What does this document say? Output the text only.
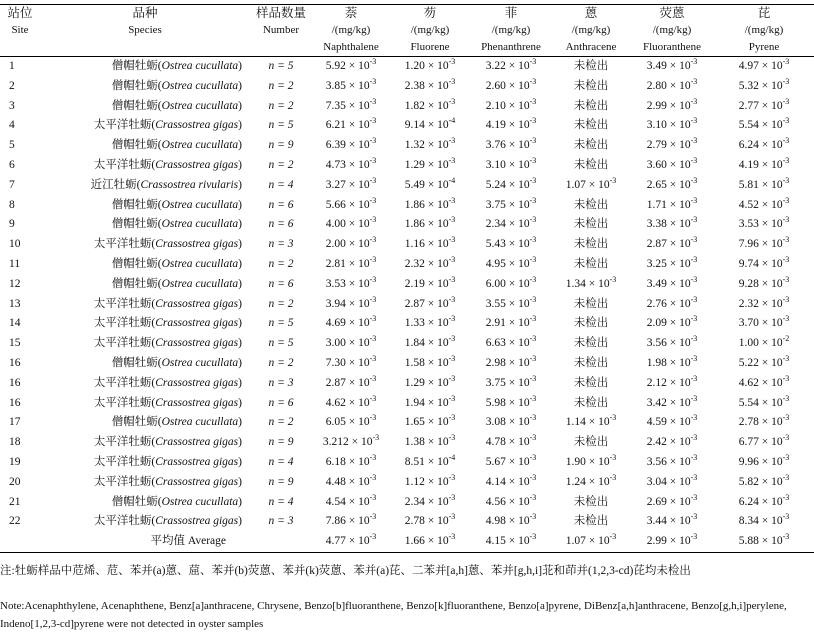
站位	品种	样品数量	萘	芴	菲	蒽	荧蒽	芘
Site	Species	Number	/(mg/kg)	/(mg/kg)	/(mg/kg)	/(mg/kg)	/(mg/kg)	/(mg/kg)
			Naphthalene	Fluorene	Phenanthrene	Anthracene	Fluoranthene	Pyrene
1	僧帽牡蛎(Ostrea cucullata)	n = 5	$5.92 \times 10^{-3}$	$1.20 \times 10^{-3}$	$3.22 \times 10^{-3}$	未检出	$3.49 \times 10^{-3}$	$4.97 \times 10^{-3}$
2	僧帽牡蛎(Ostrea cucullata)	n = 2	$3.85 \times 10^{-3}$	$2.38 \times 10^{-3}$	$2.60 \times 10^{-3}$	未检出	$2.80 \times 10^{-3}$	$5.32 \times 10^{-3}$
3	僧帽牡蛎(Ostrea cucullata)	n = 2	$7.35 \times 10^{-3}$	$1.82 \times 10^{-3}$	$2.10 \times 10^{-3}$	未检出	$2.99 \times 10^{-3}$	$2.77 \times 10^{-3}$
4	太平洋牡蛎(Crassostrea gigas)	n = 5	$6.21 \times 10^{-3}$	$9.14 \times 10^{-4}$	$4.19 \times 10^{-3}$	未检出	$3.10 \times 10^{-3}$	$5.54 \times 10^{-3}$
5	僧帽牡蛎(Ostrea cucullata)	n = 9	$6.39 \times 10^{-3}$	$1.32 \times 10^{-3}$	$3.76 \times 10^{-3}$	未检出	$2.79 \times 10^{-3}$	$6.24 \times 10^{-3}$
6	太平洋牡蛎(Crassostrea gigas)	n = 2	$4.73 \times 10^{-3}$	$1.29 \times 10^{-3}$	$3.10 \times 10^{-3}$	未检出	$3.60 \times 10^{-3}$	$4.19 \times 10^{-3}$
7	近江牡蛎(Crassostrea rivularis)	n = 4	$3.27 \times 10^{-3}$	$5.49 \times 10^{-4}$	$5.24 \times 10^{-3}$	$1.07 \times 10^{-3}$	$2.65 \times 10^{-3}$	$5.81 \times 10^{-3}$
8	僧帽牡蛎(Ostrea cucullata)	n = 6	$5.66 \times 10^{-3}$	$1.86 \times 10^{-3}$	$3.75 \times 10^{-3}$	未检出	$1.71 \times 10^{-3}$	$4.52 \times 10^{-3}$
9	僧帽牡蛎(Ostrea cucullata)	n = 6	$4.00 \times 10^{-3}$	$1.86 \times 10^{-3}$	$2.34 \times 10^{-3}$	未检出	$3.38 \times 10^{-3}$	$3.53 \times 10^{-3}$
10	太平洋牡蛎(Crassostrea gigas)	n = 3	$2.00 \times 10^{-3}$	$1.16 \times 10^{-3}$	$5.43 \times 10^{-3}$	未检出	$2.87 \times 10^{-3}$	$7.96 \times 10^{-3}$
11	僧帽牡蛎(Ostrea cucullata)	n = 2	$2.81 \times 10^{-3}$	$2.32 \times 10^{-3}$	$4.95 \times 10^{-3}$	未检出	$3.25 \times 10^{-3}$	$9.74 \times 10^{-3}$
12	僧帽牡蛎(Ostrea cucullata)	n = 6	$3.53 \times 10^{-3}$	$2.19 \times 10^{-3}$	$6.00 \times 10^{-3}$	$1.34 \times 10^{-3}$	$3.49 \times 10^{-3}$	$9.28 \times 10^{-3}$
13	太平洋牡蛎(Crassostrea gigas)	n = 2	$3.94 \times 10^{-3}$	$2.87 \times 10^{-3}$	$3.55 \times 10^{-3}$	未检出	$2.76 \times 10^{-3}$	$2.32 \times 10^{-3}$
14	太平洋牡蛎(Crassostrea gigas)	n = 5	$4.69 \times 10^{-3}$	$1.33 \times 10^{-3}$	$2.91 \times 10^{-3}$	未检出	$2.09 \times 10^{-3}$	$3.70 \times 10^{-3}$
15	太平洋牡蛎(Crassostrea gigas)	n = 5	$3.00 \times 10^{-3}$	$1.84 \times 10^{-3}$	$6.63 \times 10^{-3}$	未检出	$3.56 \times 10^{-3}$	$1.00 \times 10^{-2}$
16	僧帽牡蛎(Ostrea cucullata)	n = 2	$7.30 \times 10^{-3}$	$1.58 \times 10^{-3}$	$2.98 \times 10^{-3}$	未检出	$1.98 \times 10^{-3}$	$5.22 \times 10^{-3}$
16	太平洋牡蛎(Crassostrea gigas)	n = 3	$2.87 \times 10^{-3}$	$1.29 \times 10^{-3}$	$3.75 \times 10^{-3}$	未检出	$2.12 \times 10^{-3}$	$4.62 \times 10^{-3}$
16	太平洋牡蛎(Crassostrea gigas)	n = 6	$4.62 \times 10^{-3}$	$1.94 \times 10^{-3}$	$5.98 \times 10^{-3}$	未检出	$3.42 \times 10^{-3}$	$5.54 \times 10^{-3}$
17	僧帽牡蛎(Ostrea cucullata)	n = 2	$6.05 \times 10^{-3}$	$1.65 \times 10^{-3}$	$3.08 \times 10^{-3}$	$1.14 \times 10^{-3}$	$4.59 \times 10^{-3}$	$2.78 \times 10^{-3}$
18	太平洋牡蛎(Crassostrea gigas)	n = 9	$3.212 \times 10^{-3}$	$1.38 \times 10^{-3}$	$4.78 \times 10^{-3}$	未检出	$2.42 \times 10^{-3}$	$6.77 \times 10^{-3}$
19	太平洋牡蛎(Crassostrea gigas)	n = 4	$6.18 \times 10^{-3}$	$8.51 \times 10^{-4}$	$5.67 \times 10^{-3}$	$1.90 \times 10^{-3}$	$3.56 \times 10^{-3}$	$9.96 \times 10^{-3}$
20	太平洋牡蛎(Crassostrea gigas)	n = 9	$4.48 \times 10^{-3}$	$1.12 \times 10^{-3}$	$4.14 \times 10^{-3}$	$1.24 \times 10^{-3}$	$3.04 \times 10^{-3}$	$5.82 \times 10^{-3}$
21	僧帽牡蛎(Ostrea cucullata)	n = 4	$4.54 \times 10^{-3}$	$2.34 \times 10^{-3}$	$4.56 \times 10^{-3}$	未检出	$2.69 \times 10^{-3}$	$6.24 \times 10^{-3}$
22	太平洋牡蛎(Crassostrea gigas)	n = 3	$7.86 \times 10^{-3}$	$2.78 \times 10^{-3}$	$4.98 \times 10^{-3}$	未检出	$3.44 \times 10^{-3}$	$8.34 \times 10^{-3}$
	平均值 Average		$4.77 \times 10^{-3}$	$1.66 \times 10^{-3}$	$4.15 \times 10^{-3}$	$1.07 \times 10^{-3}$	$2.99 \times 10^{-3}$	$5.88 \times 10^{-3}$
注:牡蛎样品中苊烯、苊、苯并(a)蒽、䓛、苯并(b)荧蒽、苯并(k)荧蒽、苯并(a)芘、二苯并[a,h]蒽、苯并[g,h,i]苝和茚并(1,2,3-cd)芘均未检出
Note:Acenaphthylene, Acenaphthene, Benz[a]anthracene, Chrysene, Benzo[b]fluoranthene, Benzo[k]fluoranthene, Benzo[a]pyrene, DiBenz[a,h]anthracene, Benzo[g,h,i]perylene, Indeno[1,2,3-cd]pyrene were not detected in oyster samples
